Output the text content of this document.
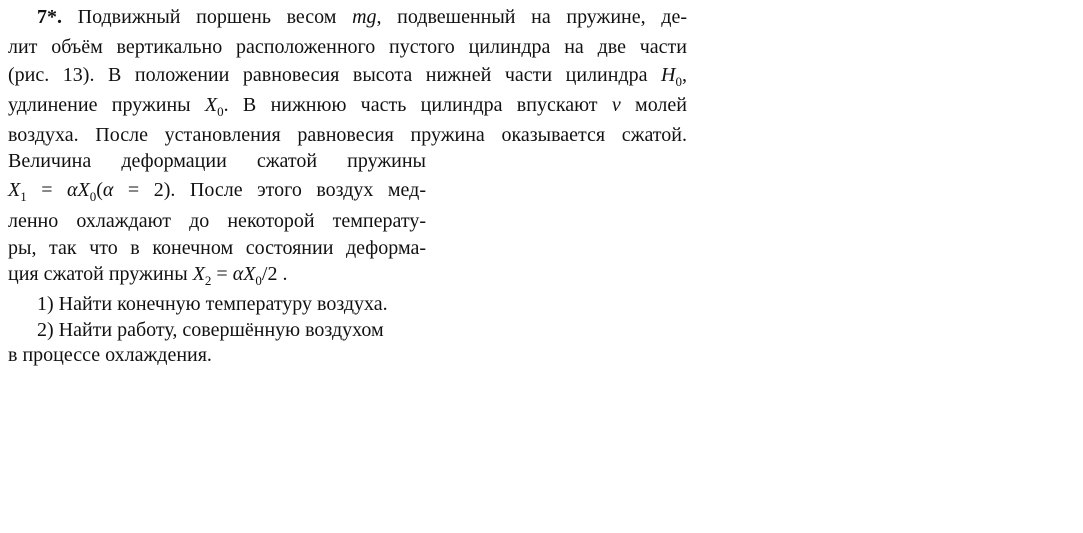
7*. Подвижный поршень весом mg, подвешенный на пружине, де-
лит объём вертикально расположенного пустого цилиндра на две части
(рис. 13). В положении равновесия высота нижней части цилиндра $H_0$,
удлинение пружины $X_0$. В нижнюю часть цилиндра впускают ν молей
воздуха. После установления равновесия пружина оказывается сжатой.
Величина деформации сжатой пружины
$X_1 = \alpha X_0(\alpha = 2)$. После этого воздух мед-
ленно охлаждают до некоторой температу-
ры, так что в конечном состоянии деформа-
ция сжатой пружины $X_2 = \alpha X_0/2$ .
1) Найти конечную температуру воздуха.
2) Найти работу, совершённую воздухом
в процессе охлаждения.
